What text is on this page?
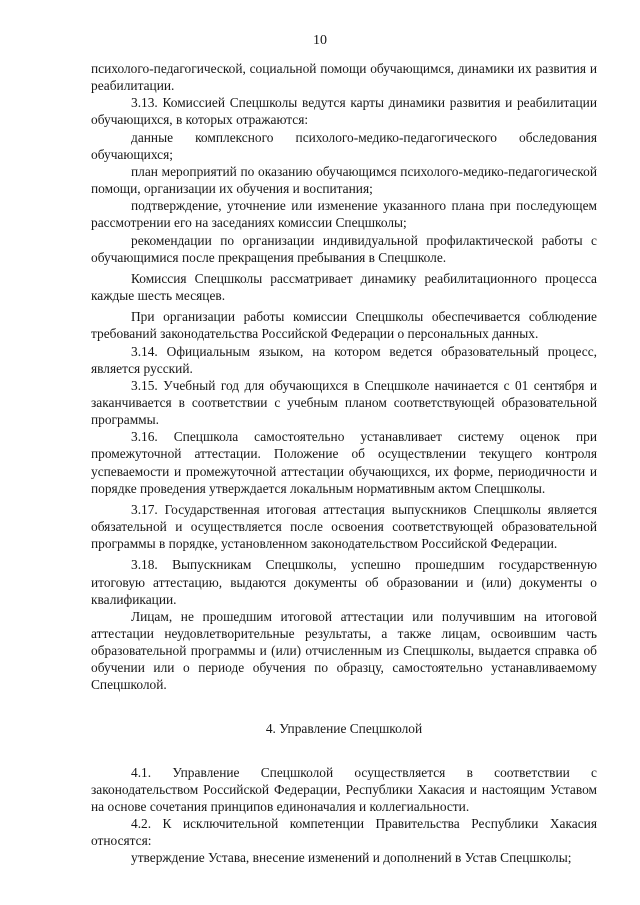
10

психолого-педагогической, социальной помощи обучающимся, динамики их развития и реабилитации.

3.13. Комиссией Спецшколы ведутся карты динамики развития и реабилитации обучающихся, в которых отражаются:

данные комплексного психолого-медико-педагогического обследования обучающихся;

план мероприятий по оказанию обучающимся психолого-медико-педагогической помощи, организации их обучения и воспитания;

подтверждение, уточнение или изменение указанного плана при последующем рассмотрении его на заседаниях комиссии Спецшколы;

рекомендации по организации индивидуальной профилактической работы с обучающимися после прекращения пребывания в Спецшколе.

Комиссия Спецшколы рассматривает динамику реабилитационного процесса каждые шесть месяцев.

При организации работы комиссии Спецшколы обеспечивается соблюдение требований законодательства Российской Федерации о персональных данных.

3.14. Официальным языком, на котором ведется образовательный процесс, является русский.

3.15. Учебный год для обучающихся в Спецшколе начинается с 01 сентября и заканчивается в соответствии с учебным планом соответствующей образовательной программы.

3.16. Спецшкола самостоятельно устанавливает систему оценок при промежуточной аттестации. Положение об осуществлении текущего контроля успеваемости и промежуточной аттестации обучающихся, их форме, периодичности и порядке проведения утверждается локальным нормативным актом Спецшколы.

3.17. Государственная итоговая аттестация выпускников Спецшколы является обязательной и осуществляется после освоения соответствующей образовательной программы в порядке, установленном законодательством Российской Федерации.

3.18. Выпускникам Спецшколы, успешно прошедшим государственную итоговую аттестацию, выдаются документы об образовании и (или) документы о квалификации.

Лицам, не прошедшим итоговой аттестации или получившим на итоговой аттестации неудовлетворительные результаты, а также лицам, освоившим часть образовательной программы и (или) отчисленным из Спецшколы, выдается справка об обучении или о периоде обучения по образцу, самостоятельно устанавливаемому Спецшколой.

4. Управление Спецшколой

4.1. Управление Спецшколой осуществляется в соответствии с законодательством Российской Федерации, Республики Хакасия и настоящим Уставом на основе сочетания принципов единоначалия и коллегиальности.

4.2. К исключительной компетенции Правительства Республики Хакасия относятся:

утверждение Устава, внесение изменений и дополнений в Устав Спецшколы;
